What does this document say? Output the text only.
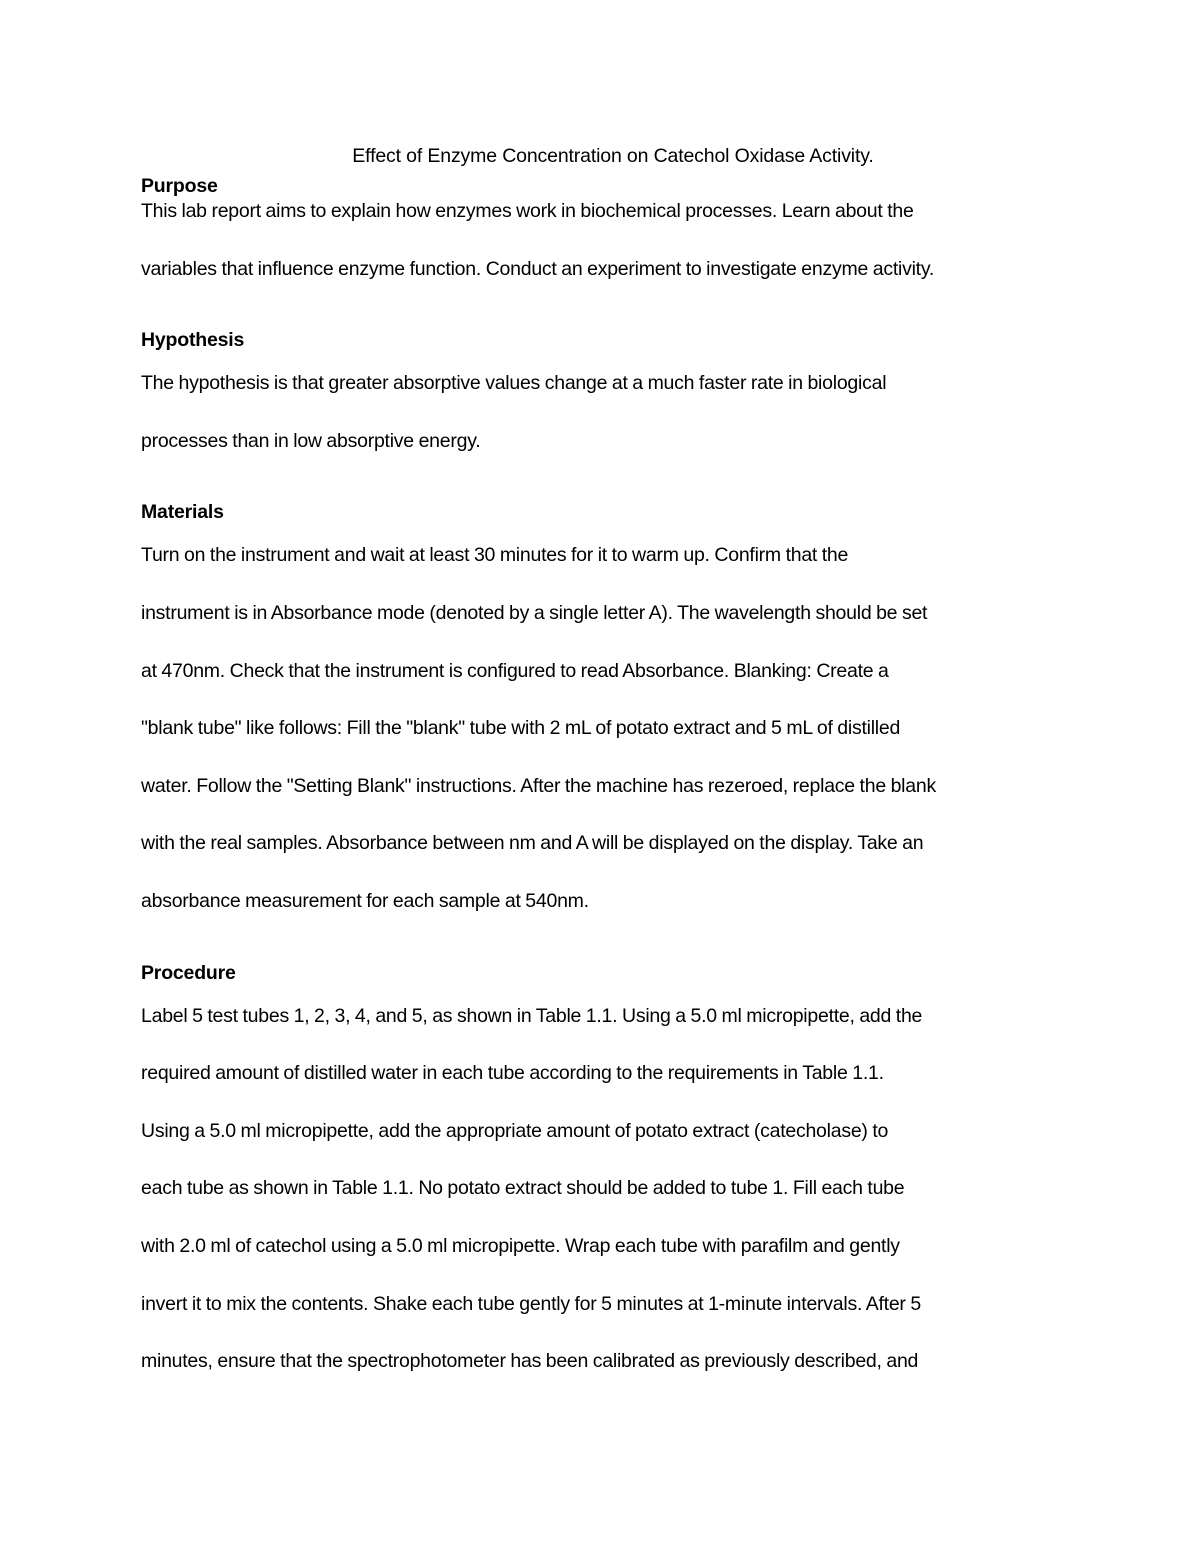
Effect of Enzyme Concentration on Catechol Oxidase Activity.

Purpose

This lab report aims to explain how enzymes work in biochemical processes. Learn about the
variables that influence enzyme function. Conduct an experiment to investigate enzyme activity.

Hypothesis

The hypothesis is that greater absorptive values change at a much faster rate in biological
processes than in low absorptive energy.

Materials

Turn on the instrument and wait at least 30 minutes for it to warm up. Confirm that the
instrument is in Absorbance mode (denoted by a single letter A). The wavelength should be set
at 470nm. Check that the instrument is configured to read Absorbance. Blanking: Create a
"blank tube" like follows: Fill the "blank" tube with 2 mL of potato extract and 5 mL of distilled
water. Follow the "Setting Blank" instructions. After the machine has rezeroed, replace the blank
with the real samples. Absorbance between nm and A will be displayed on the display. Take an
absorbance measurement for each sample at 540nm.

Procedure

Label 5 test tubes 1, 2, 3, 4, and 5, as shown in Table 1.1. Using a 5.0 ml micropipette, add the
required amount of distilled water in each tube according to the requirements in Table 1.1.
Using a 5.0 ml micropipette, add the appropriate amount of potato extract (catecholase) to
each tube as shown in Table 1.1. No potato extract should be added to tube 1. Fill each tube
with 2.0 ml of catechol using a 5.0 ml micropipette. Wrap each tube with parafilm and gently
invert it to mix the contents. Shake each tube gently for 5 minutes at 1-minute intervals. After 5
minutes, ensure that the spectrophotometer has been calibrated as previously described, and
